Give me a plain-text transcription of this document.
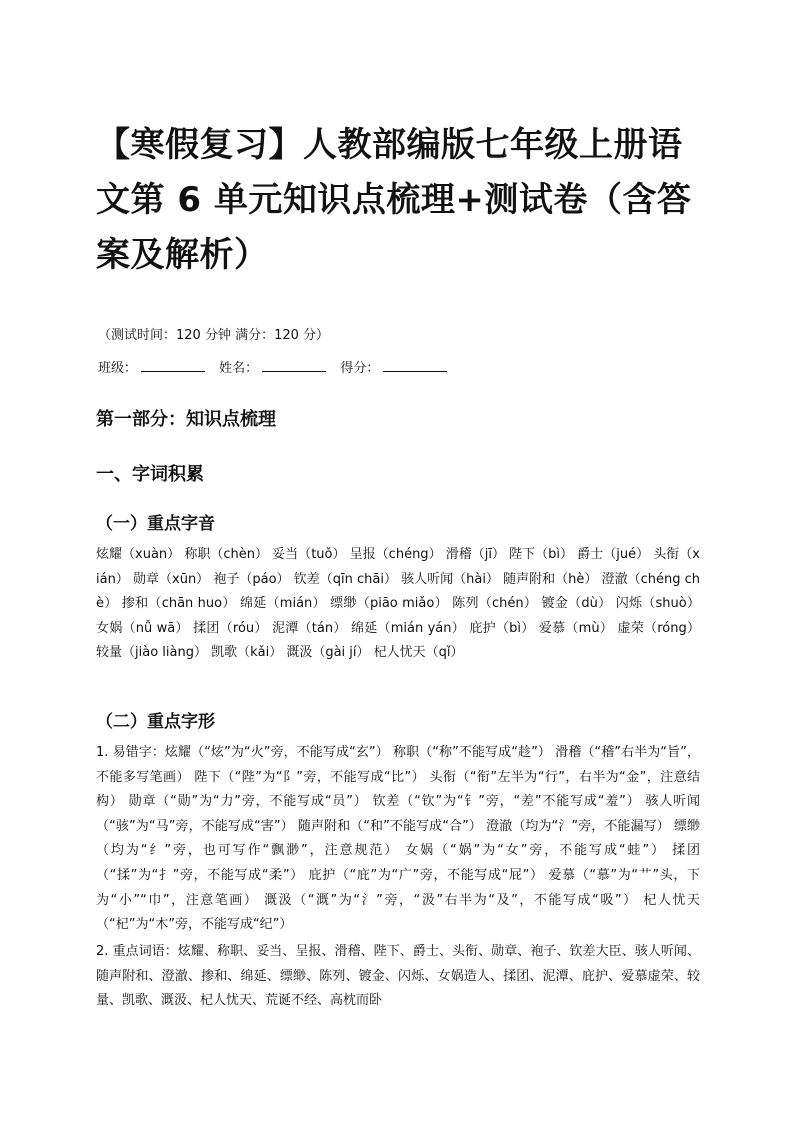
【寒假复习】人教部编版七年级上册语文第 6 单元知识点梳理+测试卷（含答案及解析）
（测试时间：120 分钟 满分：120 分）
班级：	姓名：	得分：
第一部分：知识点梳理
一、字词积累
（一）重点字音
炫耀（xuàn） 称职（chèn） 妥当（tuǒ） 呈报（chéng） 滑稽（jī） 陛下（bì） 爵士（jué） 头衔（xián） 勋章（xūn） 袍子（páo） 钦差（qīn chāi） 骇人听闻（hài） 随声附和（hè） 澄澈（chéng chè） 掺和（chān huo） 绵延（mián） 缥缈（piāo miǎo） 陈列（chén） 镀金（dù） 闪烁（shuò） 女娲（nǚ wā） 揉团（róu） 泥潭（tán） 绵延（mián yán） 庇护（bì） 爱慕（mù） 虚荣（róng） 较量（jiào liàng） 凯歌（kǎi） 溉汲（gài jí） 杞人忧天（qǐ）
（二）重点字形
1. 易错字：炫耀（“炫”为“火”旁，不能写成“玄”） 称职（“称”不能写成“趁”） 滑稽（“稽”右半为“旨”，不能多写笔画） 陛下（“陛”为“阝”旁，不能写成“比”） 头衔（“衔”左半为“行”，右半为“金”，注意结构） 勋章（“勋”为“力”旁，不能写成“员”） 钦差（“钦”为“钅”旁，“差”不能写成“羞”） 骇人听闻（“骇”为“马”旁，不能写成“害”） 随声附和（“和”不能写成“合”） 澄澈（均为“氵”旁，不能漏写） 缥缈（均为“纟”旁，也可写作“飘渺”，注意规范） 女娲（“娲”为“女”旁，不能写成“蛙”） 揉团（“揉”为“扌”旁，不能写成“柔”） 庇护（“庇”为“广”旁，不能写成“屁”） 爱慕（“慕”为“艹”头，下为“小”“巾”，注意笔画） 溉汲（“溉”为“氵”旁，“汲”右半为“及”，不能写成“吸”） 杞人忧天（“杞”为“木”旁，不能写成“纪”）
2. 重点词语：炫耀、称职、妥当、呈报、滑稽、陛下、爵士、头衔、勋章、袍子、钦差大臣、骇人听闻、随声附和、澄澈、掺和、绵延、缥缈、陈列、镀金、闪烁、女娲造人、揉团、泥潭、庇护、爱慕虚荣、较量、凯歌、溉汲、杞人忧天、荒诞不经、高枕而卧
